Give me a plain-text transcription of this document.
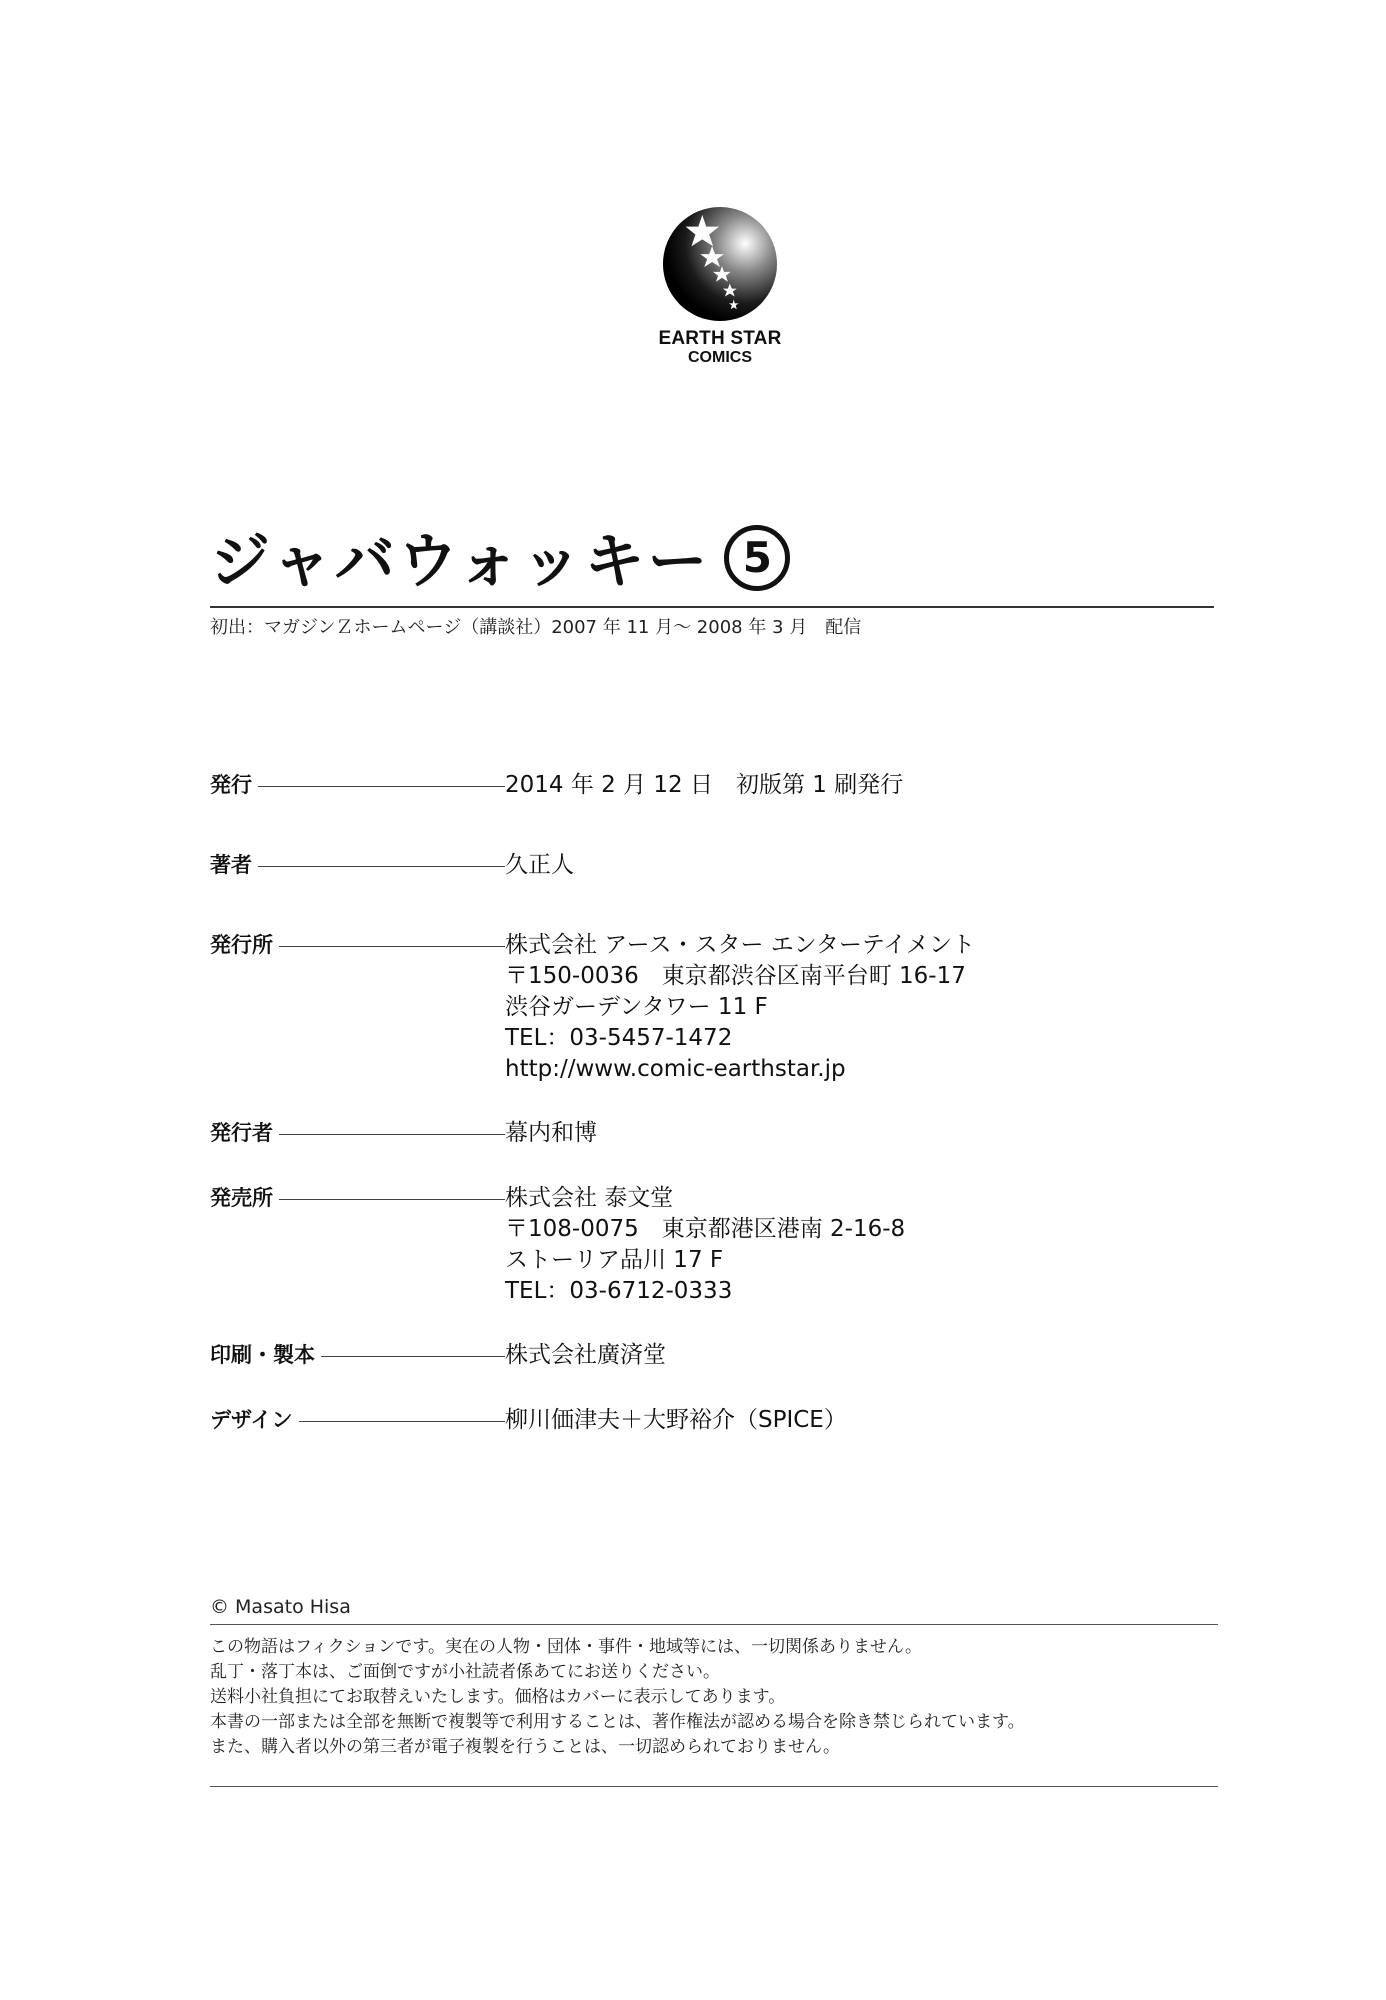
EARTH STAR
COMICS
ジャバウォッキー 5
初出：マガジンＺホームページ（講談社）2007 年 11 月〜 2008 年 3 月　配信
発行	2014 年 2 月 12 日　初版第 1 刷発行
著者	久正人
発行所	株式会社 アース・スター エンターテイメント
〒150-0036　東京都渋谷区南平台町 16-17
渋谷ガーデンタワー 11 F
TEL：03-5457-1472
http://www.comic-earthstar.jp
発行者	幕内和博
発売所	株式会社 泰文堂
〒108-0075　東京都港区港南 2-16-8
ストーリア品川 17 F
TEL：03-6712-0333
印刷・製本	株式会社廣済堂
デザイン	柳川価津夫＋大野裕介（SPICE）
© Masato Hisa
この物語はフィクションです。実在の人物・団体・事件・地域等には、一切関係ありません。
乱丁・落丁本は、ご面倒ですが小社読者係あてにお送りください。
送料小社負担にてお取替えいたします。価格はカバーに表示してあります。
本書の一部または全部を無断で複製等で利用することは、著作権法が認める場合を除き禁じられています。
また、購入者以外の第三者が電子複製を行うことは、一切認められておりません。
